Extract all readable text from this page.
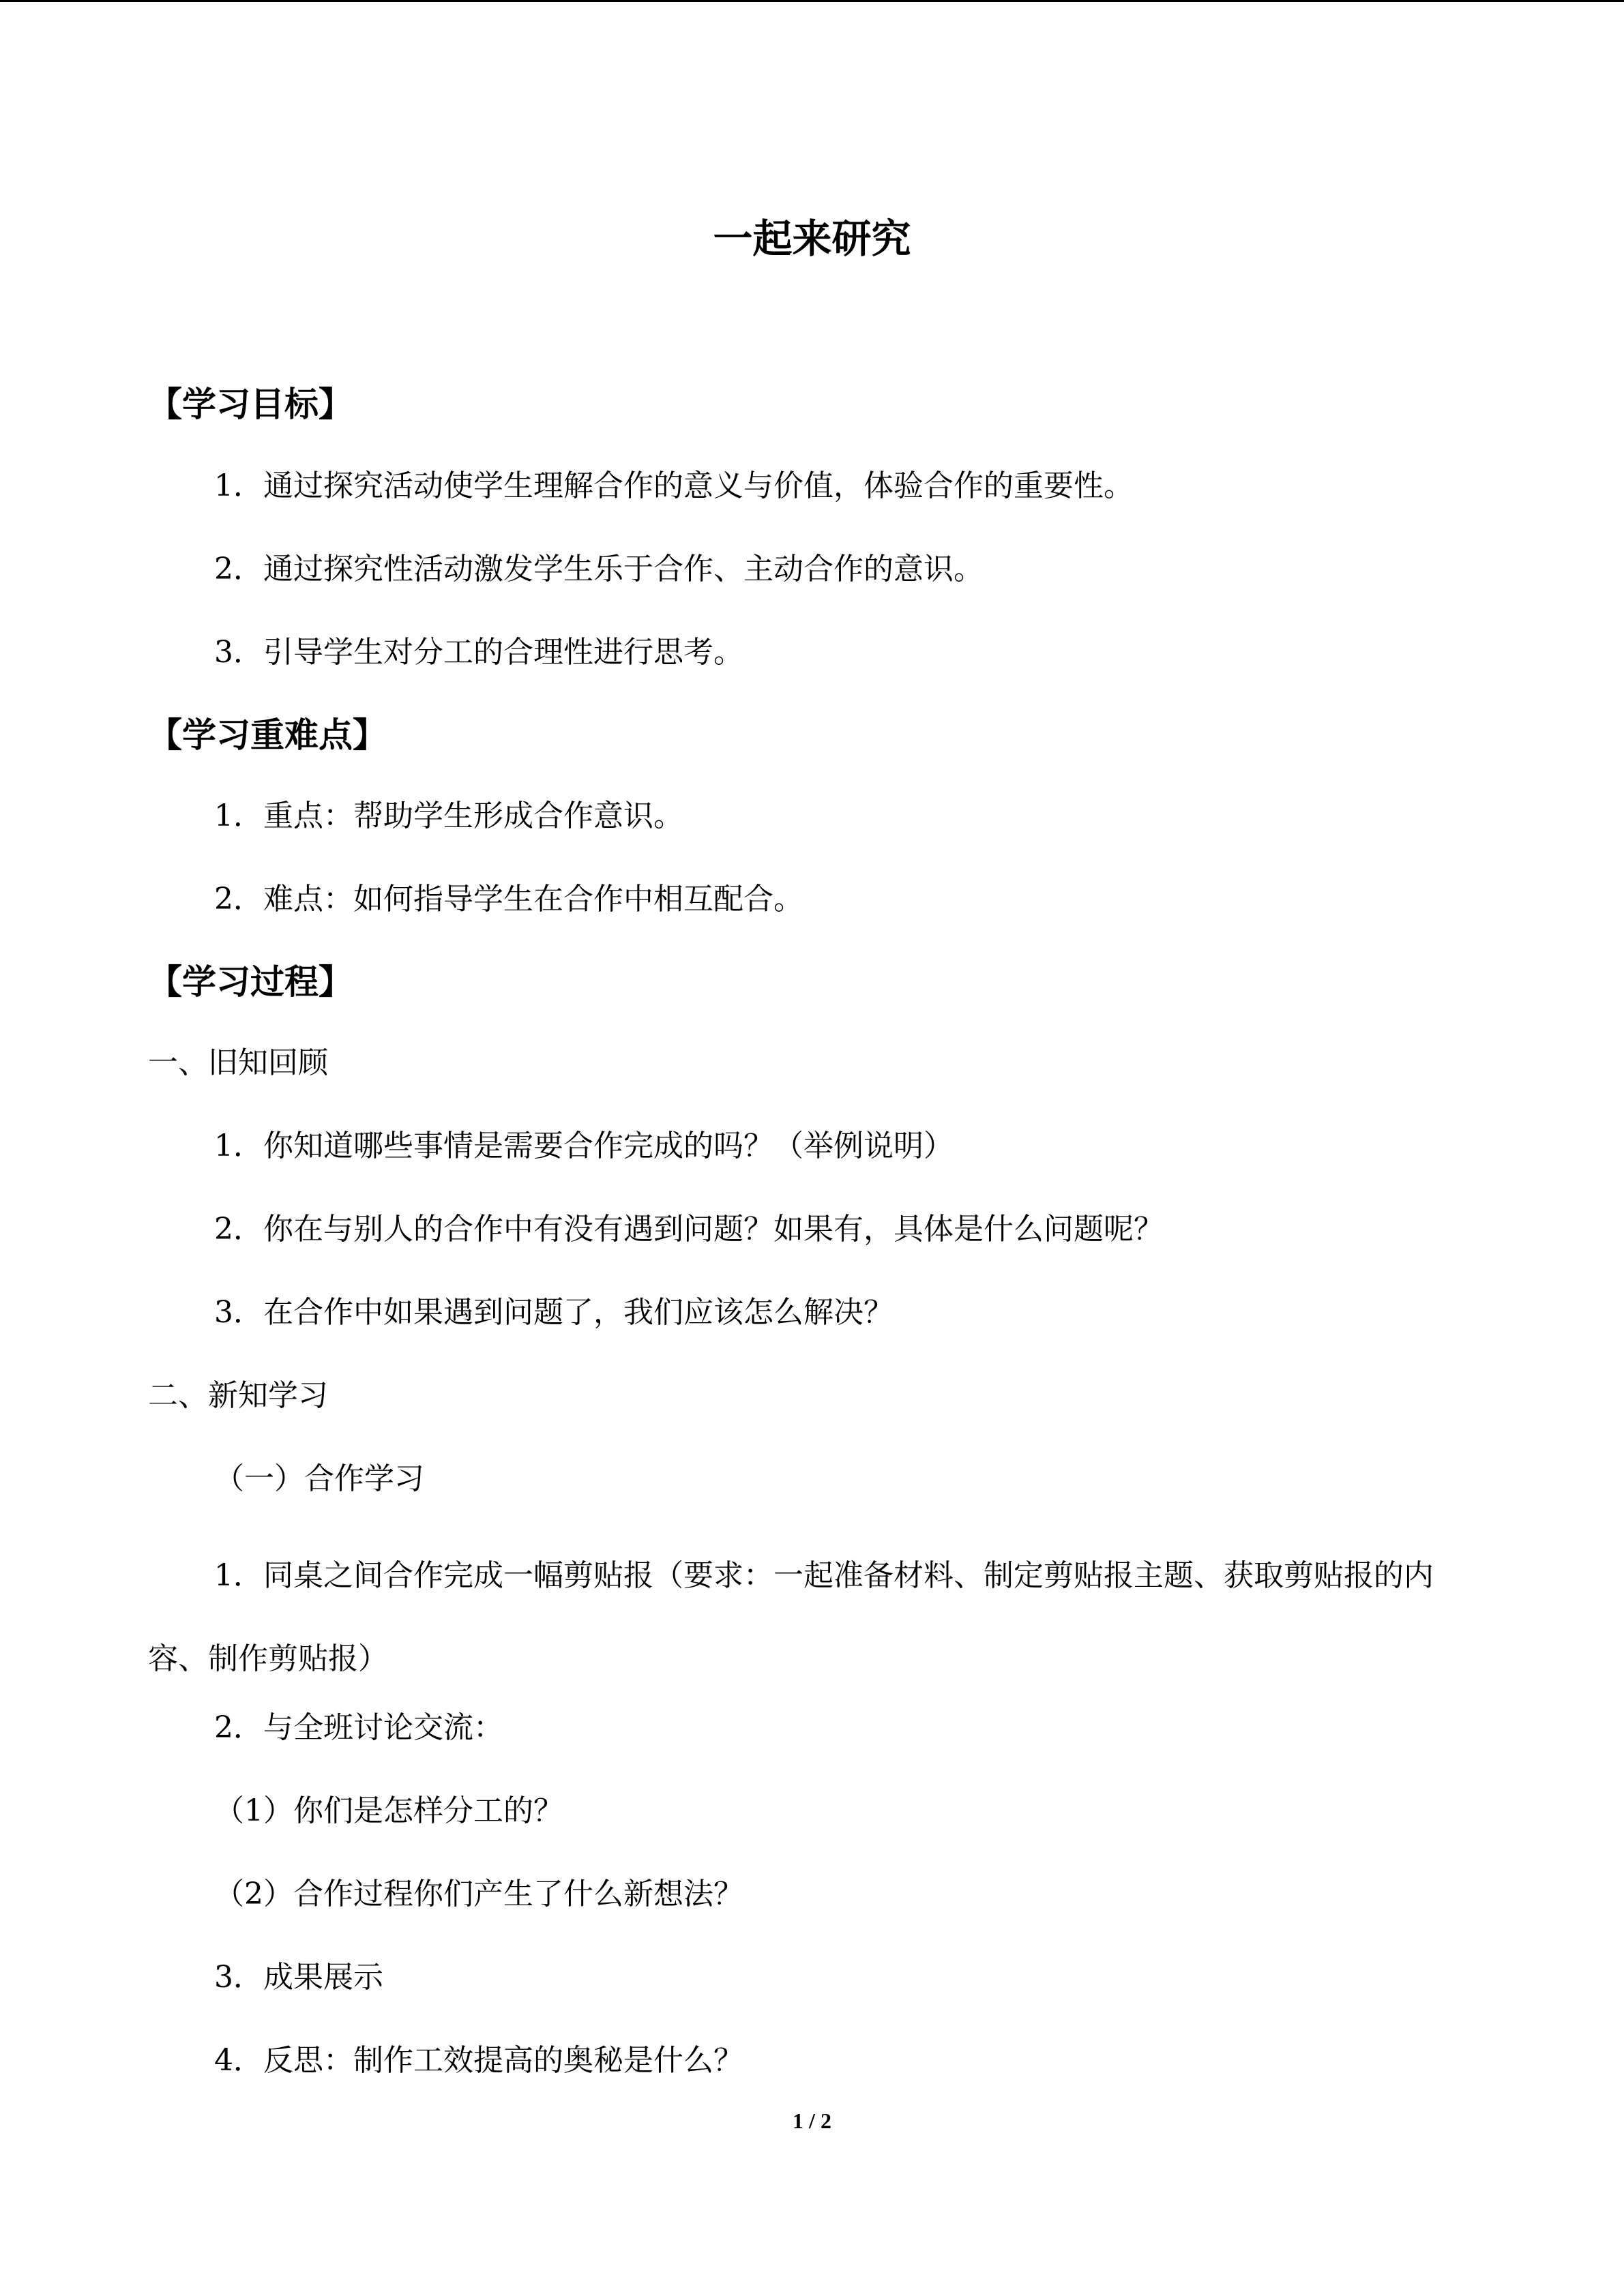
一起来研究
【学习目标】
1．通过探究活动使学生理解合作的意义与价值，体验合作的重要性。
2．通过探究性活动激发学生乐于合作、主动合作的意识。
3．引导学生对分工的合理性进行思考。
【学习重难点】
1．重点：帮助学生形成合作意识。
2．难点：如何指导学生在合作中相互配合。
【学习过程】
一、旧知回顾
1．你知道哪些事情是需要合作完成的吗？（举例说明）
2．你在与别人的合作中有没有遇到问题？如果有，具体是什么问题呢？
3．在合作中如果遇到问题了，我们应该怎么解决？
二、新知学习
（一）合作学习
1．同桌之间合作完成一幅剪贴报（要求：一起准备材料、制定剪贴报主题、获取剪贴报的内容、制作剪贴报）
2．与全班讨论交流：
（1）你们是怎样分工的？
（2）合作过程你们产生了什么新想法？
3．成果展示
4．反思：制作工效提高的奥秘是什么？
1 / 2
